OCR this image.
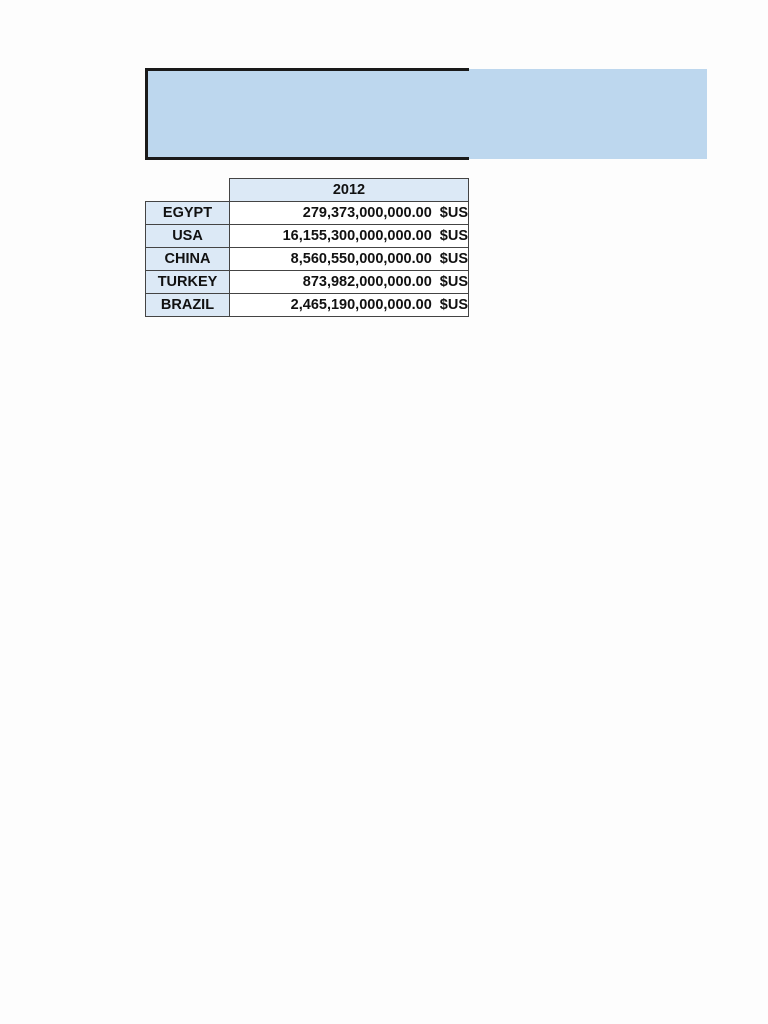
	2012
EGYPT	279,373,000,000.00 $US
USA	16,155,300,000,000.00 $US
CHINA	8,560,550,000,000.00 $US
TURKEY	873,982,000,000.00 $US
BRAZIL	2,465,190,000,000.00 $US
